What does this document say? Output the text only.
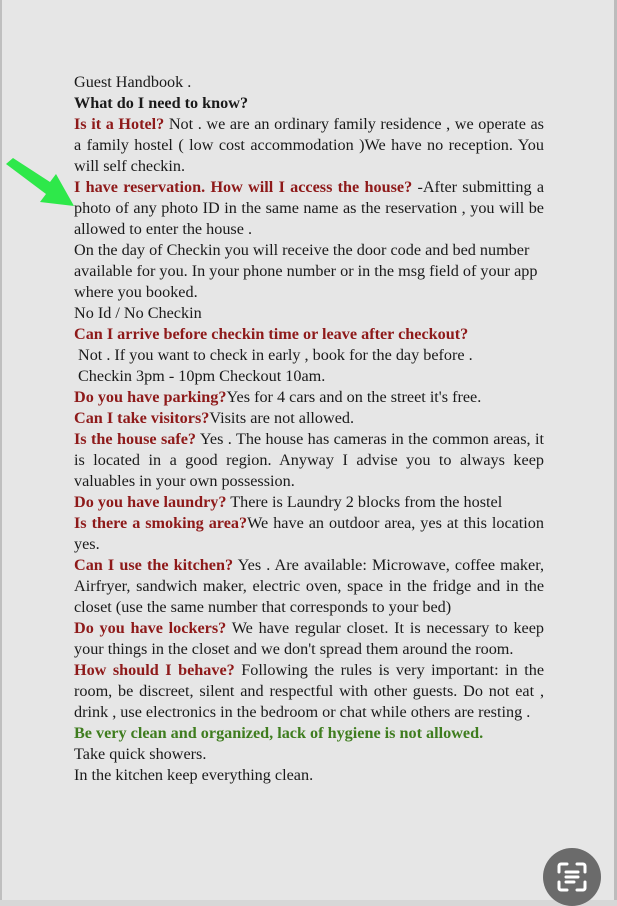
Guest Handbook .

What do I need to know?

Is it a Hotel? Not . we are an ordinary family residence , we operate as a family hostel ( low cost accommodation )We have no reception. You will self checkin.

I have reservation. How will I access the house? -After submitting a photo of any photo ID in the same name as the reservation , you will be allowed to enter the house .

On the day of Checkin you will receive the door code and bed number available for you. In your phone number or in the msg field of your app where you booked.

No Id / No Checkin

Can I arrive before checkin time or leave after checkout?

Not . If you want to check in early , book for the day before .

Checkin 3pm - 10pm Checkout 10am.

Do you have parking?Yes for 4 cars and on the street it's free.

Can I take visitors?Visits are not allowed.

Is the house safe? Yes . The house has cameras in the common areas, it is located in a good region. Anyway I advise you to always keep valuables in your own possession.

Do you have laundry? There is Laundry 2 blocks from the hostel

Is there a smoking area?We have an outdoor area, yes at this location yes.

Can I use the kitchen? Yes . Are available: Microwave, coffee maker, Airfryer, sandwich maker, electric oven, space in the fridge and in the closet (use the same number that corresponds to your bed)

Do you have lockers? We have regular closet. It is necessary to keep your things in the closet and we don't spread them around the room.

How should I behave? Following the rules is very important: in the room, be discreet, silent and respectful with other guests. Do not eat , drink , use electronics in the bedroom or chat while others are resting .

Be very clean and organized, lack of hygiene is not allowed.

Take quick showers.

In the kitchen keep everything clean.
